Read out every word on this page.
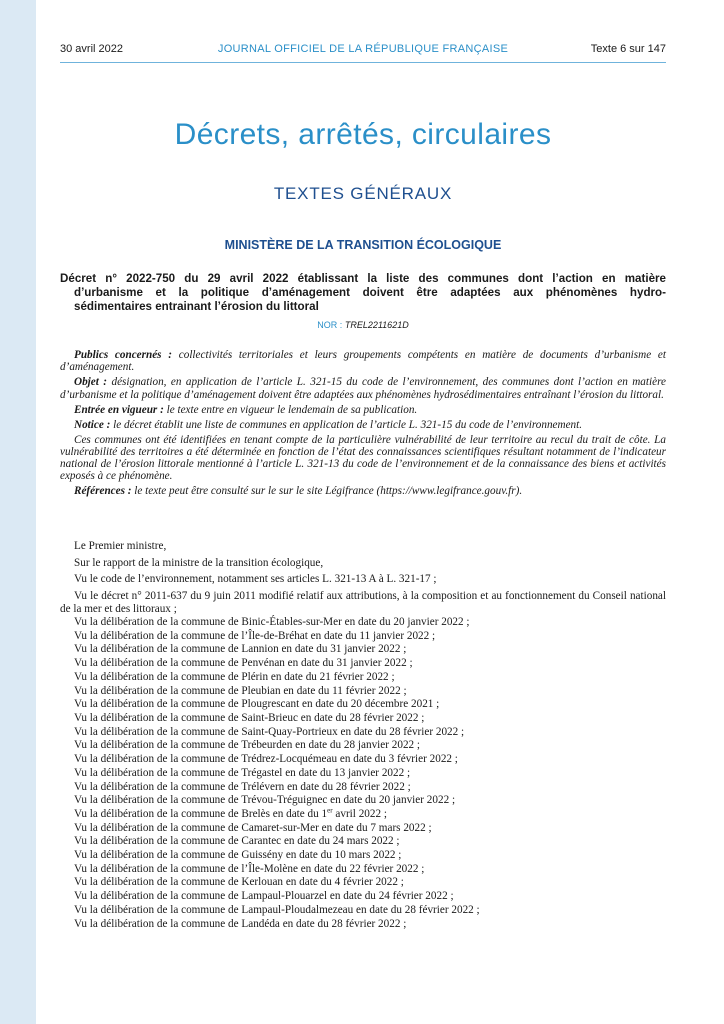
30 avril 2022	JOURNAL OFFICIEL DE LA RÉPUBLIQUE FRANÇAISE	Texte 6 sur 147
Décrets, arrêtés, circulaires
TEXTES GÉNÉRAUX
MINISTÈRE DE LA TRANSITION ÉCOLOGIQUE
Décret n° 2022-750 du 29 avril 2022 établissant la liste des communes dont l’action en matière
d’urbanisme et la politique d’aménagement doivent être adaptées aux phénomènes hydro-
sédimentaires entrainant l’érosion du littoral
NOR : TREL2211621D

Publics concernés : collectivités territoriales et leurs groupements compétents en matière de documents d’urbanisme et d’aménagement.

Objet : désignation, en application de l’article L. 321-15 du code de l’environnement, des communes dont l’action en matière d’urbanisme et la politique d’aménagement doivent être adaptées aux phénomènes hydrosédimentaires entraînant l’érosion du littoral.

Entrée en vigueur : le texte entre en vigueur le lendemain de sa publication.

Notice : le décret établit une liste de communes en application de l’article L. 321-15 du code de l’environnement.

Ces communes ont été identifiées en tenant compte de la particulière vulnérabilité de leur territoire au recul du trait de côte. La vulnérabilité des territoires a été déterminée en fonction de l’état des connaissances scientifiques résultant notamment de l’indicateur national de l’érosion littorale mentionné à l’article L. 321-13 du code de l’environnement et de la connaissance des biens et activités exposés à ce phénomène.

Références : le texte peut être consulté sur le sur le site Légifrance (https://www.legifrance.gouv.fr).

Le Premier ministre,

Sur le rapport de la ministre de la transition écologique,

Vu le code de l’environnement, notamment ses articles L. 321-13 A à L. 321-17 ;

Vu le décret n° 2011-637 du 9 juin 2011 modifié relatif aux attributions, à la composition et au fonctionnement du Conseil national de la mer et des littoraux ;

Vu la délibération de la commune de Binic-Étables-sur-Mer en date du 20 janvier 2022 ;

Vu la délibération de la commune de l’Île-de-Bréhat en date du 11 janvier 2022 ;

Vu la délibération de la commune de Lannion en date du 31 janvier 2022 ;

Vu la délibération de la commune de Penvénan en date du 31 janvier 2022 ;

Vu la délibération de la commune de Plérin en date du 21 février 2022 ;

Vu la délibération de la commune de Pleubian en date du 11 février 2022 ;

Vu la délibération de la commune de Plougrescant en date du 20 décembre 2021 ;

Vu la délibération de la commune de Saint-Brieuc en date du 28 février 2022 ;

Vu la délibération de la commune de Saint-Quay-Portrieux en date du 28 février 2022 ;

Vu la délibération de la commune de Trébeurden en date du 28 janvier 2022 ;

Vu la délibération de la commune de Trédrez-Locquémeau en date du 3 février 2022 ;

Vu la délibération de la commune de Trégastel en date du 13 janvier 2022 ;

Vu la délibération de la commune de Trélévern en date du 28 février 2022 ;

Vu la délibération de la commune de Trévou-Tréguignec en date du 20 janvier 2022 ;

Vu la délibération de la commune de Brelès en date du 1er avril 2022 ;

Vu la délibération de la commune de Camaret-sur-Mer en date du 7 mars 2022 ;

Vu la délibération de la commune de Carantec en date du 24 mars 2022 ;

Vu la délibération de la commune de Guissény en date du 10 mars 2022 ;

Vu la délibération de la commune de l’Île-Molène en date du 22 février 2022 ;

Vu la délibération de la commune de Kerlouan en date du 4 février 2022 ;

Vu la délibération de la commune de Lampaul-Plouarzel en date du 24 février 2022 ;

Vu la délibération de la commune de Lampaul-Ploudalmezeau en date du 28 février 2022 ;

Vu la délibération de la commune de Landéda en date du 28 février 2022 ;
